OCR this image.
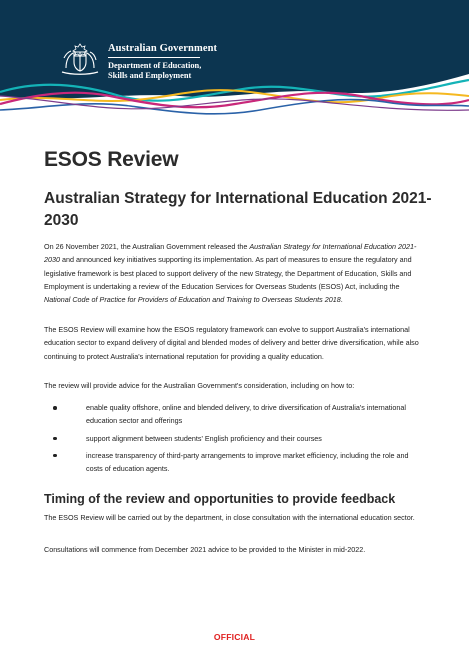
Australian Government
Department of Education,
Skills and Employment
ESOS Review
Australian Strategy for International Education 2021-2030

On 26 November 2021, the Australian Government released the Australian Strategy for International Education 2021-2030 and announced key initiatives supporting its implementation. As part of measures to ensure the regulatory and legislative framework is best placed to support delivery of the new Strategy, the Department of Education, Skills and Employment is undertaking a review of the Education Services for Overseas Students (ESOS) Act, including the National Code of Practice for Providers of Education and Training to Overseas Students 2018.

The ESOS Review will examine how the ESOS regulatory framework can evolve to support Australia's international education sector to expand delivery of digital and blended modes of delivery and better drive diversification, while also continuing to protect Australia's international reputation for providing a quality education.

The review will provide advice for the Australian Government's consideration, including on how to:

enable quality offshore, online and blended delivery, to drive diversification of Australia's international education sector and offerings
support alignment between students' English proficiency and their courses
increase transparency of third-party arrangements to improve market efficiency, including the role and costs of education agents.
Timing of the review and opportunities to provide feedback

The ESOS Review will be carried out by the department, in close consultation with the international education sector.

Consultations will commence from December 2021 advice to be provided to the Minister in mid-2022.

OFFICIAL
